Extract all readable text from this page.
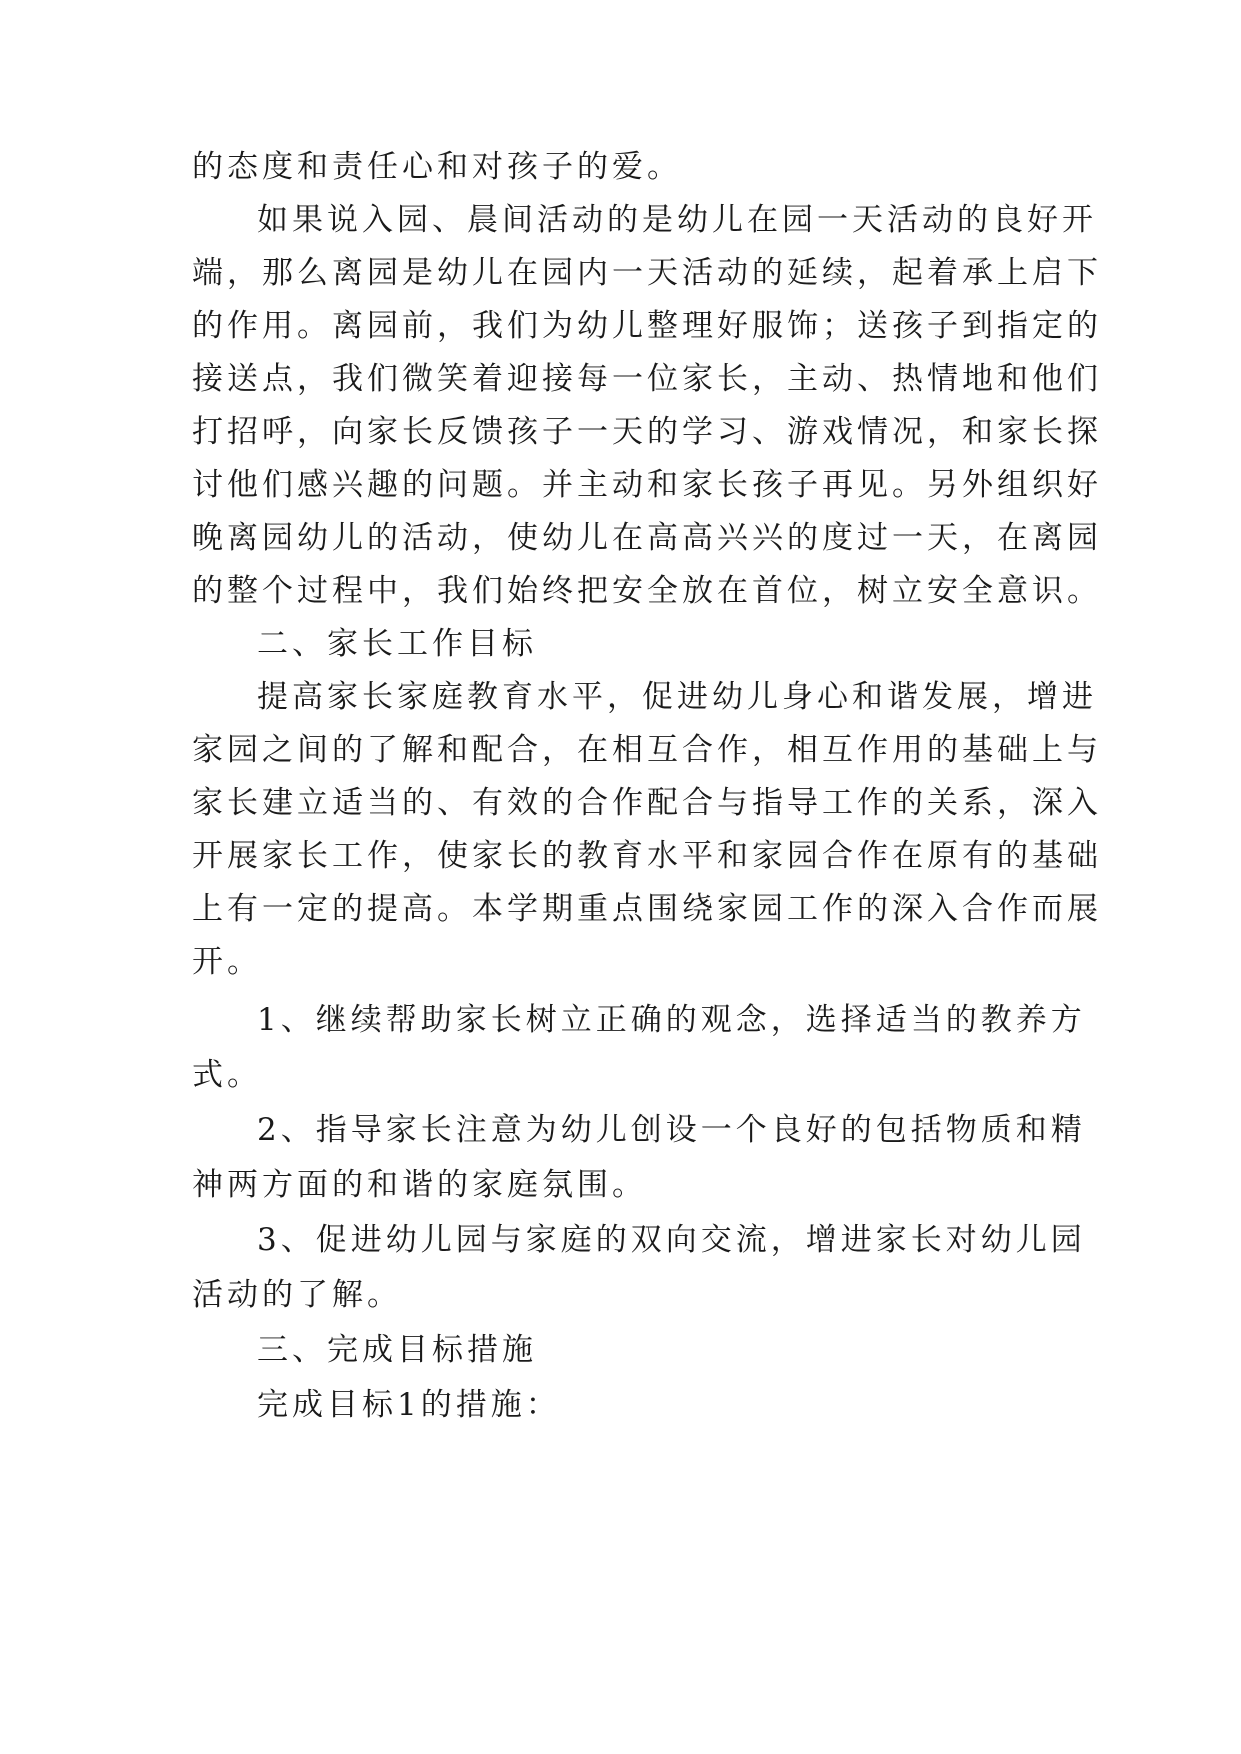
的态度和责任心和对孩子的爱。
如果说入园、晨间活动的是幼儿在园一天活动的良好开
端，那么离园是幼儿在园内一天活动的延续，起着承上启下
的作用。离园前，我们为幼儿整理好服饰；送孩子到指定的
接送点，我们微笑着迎接每一位家长，主动、热情地和他们
打招呼，向家长反馈孩子一天的学习、游戏情况，和家长探
讨他们感兴趣的问题。并主动和家长孩子再见。另外组织好
晚离园幼儿的活动，使幼儿在高高兴兴的度过一天，在离园
的整个过程中，我们始终把安全放在首位，树立安全意识。
二、家长工作目标
提高家长家庭教育水平，促进幼儿身心和谐发展，增进
家园之间的了解和配合，在相互合作，相互作用的基础上与
家长建立适当的、有效的合作配合与指导工作的关系，深入
开展家长工作，使家长的教育水平和家园合作在原有的基础
上有一定的提高。本学期重点围绕家园工作的深入合作而展
开。
1、继续帮助家长树立正确的观念，选择适当的教养方
式。
2、指导家长注意为幼儿创设一个良好的包括物质和精
神两方面的和谐的家庭氛围。
3、促进幼儿园与家庭的双向交流，增进家长对幼儿园
活动的了解。
三、完成目标措施
完成目标1的措施：
